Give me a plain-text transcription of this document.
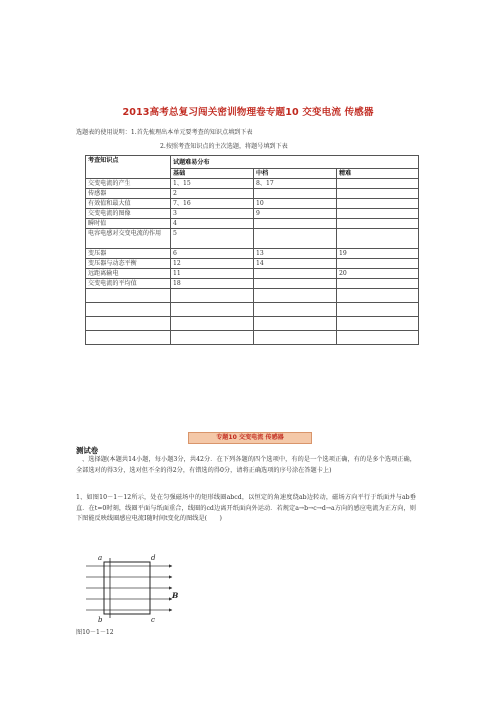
2013高考总复习闯关密训物理卷专题10 交变电流 传感器
选题表的使用说明：1.首先梳理出本单元要考查的知识点填到下表
2.按照考查知识点的主次选题，将题号填到下表
考查知识点	试题难易分布		
	基础	中档	精难
交变电流的产生	1、15	8、17	
传感器	2		
有效值和最大值	7、16	10	
交变电流的图像	3	9	
瞬时值	4		
电容电感对交变电流的作用	5		
变压器	6	13	19
变压器与动态平衡	12	14	
远距离输电	11		20
交变电流的平均值	18		

专题10 交变电流 传感器
测试卷
、选择题(本题共14小题，每小题3分，共42分．在下列各题的四个选项中，有的是一个选项正确，有的是多个选项正确，全部选对的得3分，选对但不全的得2分，有错选的得0分，请将正确选项的序号涂在答题卡上)
1、如图10－1－12所示，处在匀强磁场中的矩形线圈abcd，以恒定的角速度绕ab边转动，磁场方向平行于纸面并与ab垂直．在t=0时刻，线圈平面与纸面重合，线圈的cd边离开纸面向外运动．若规定a→b→c→d→a方向的感应电流为正方向，则下图能反映线圈感应电流I随时间t变化的图线是(　　)
a	d
b	c
B
图10－1－12
